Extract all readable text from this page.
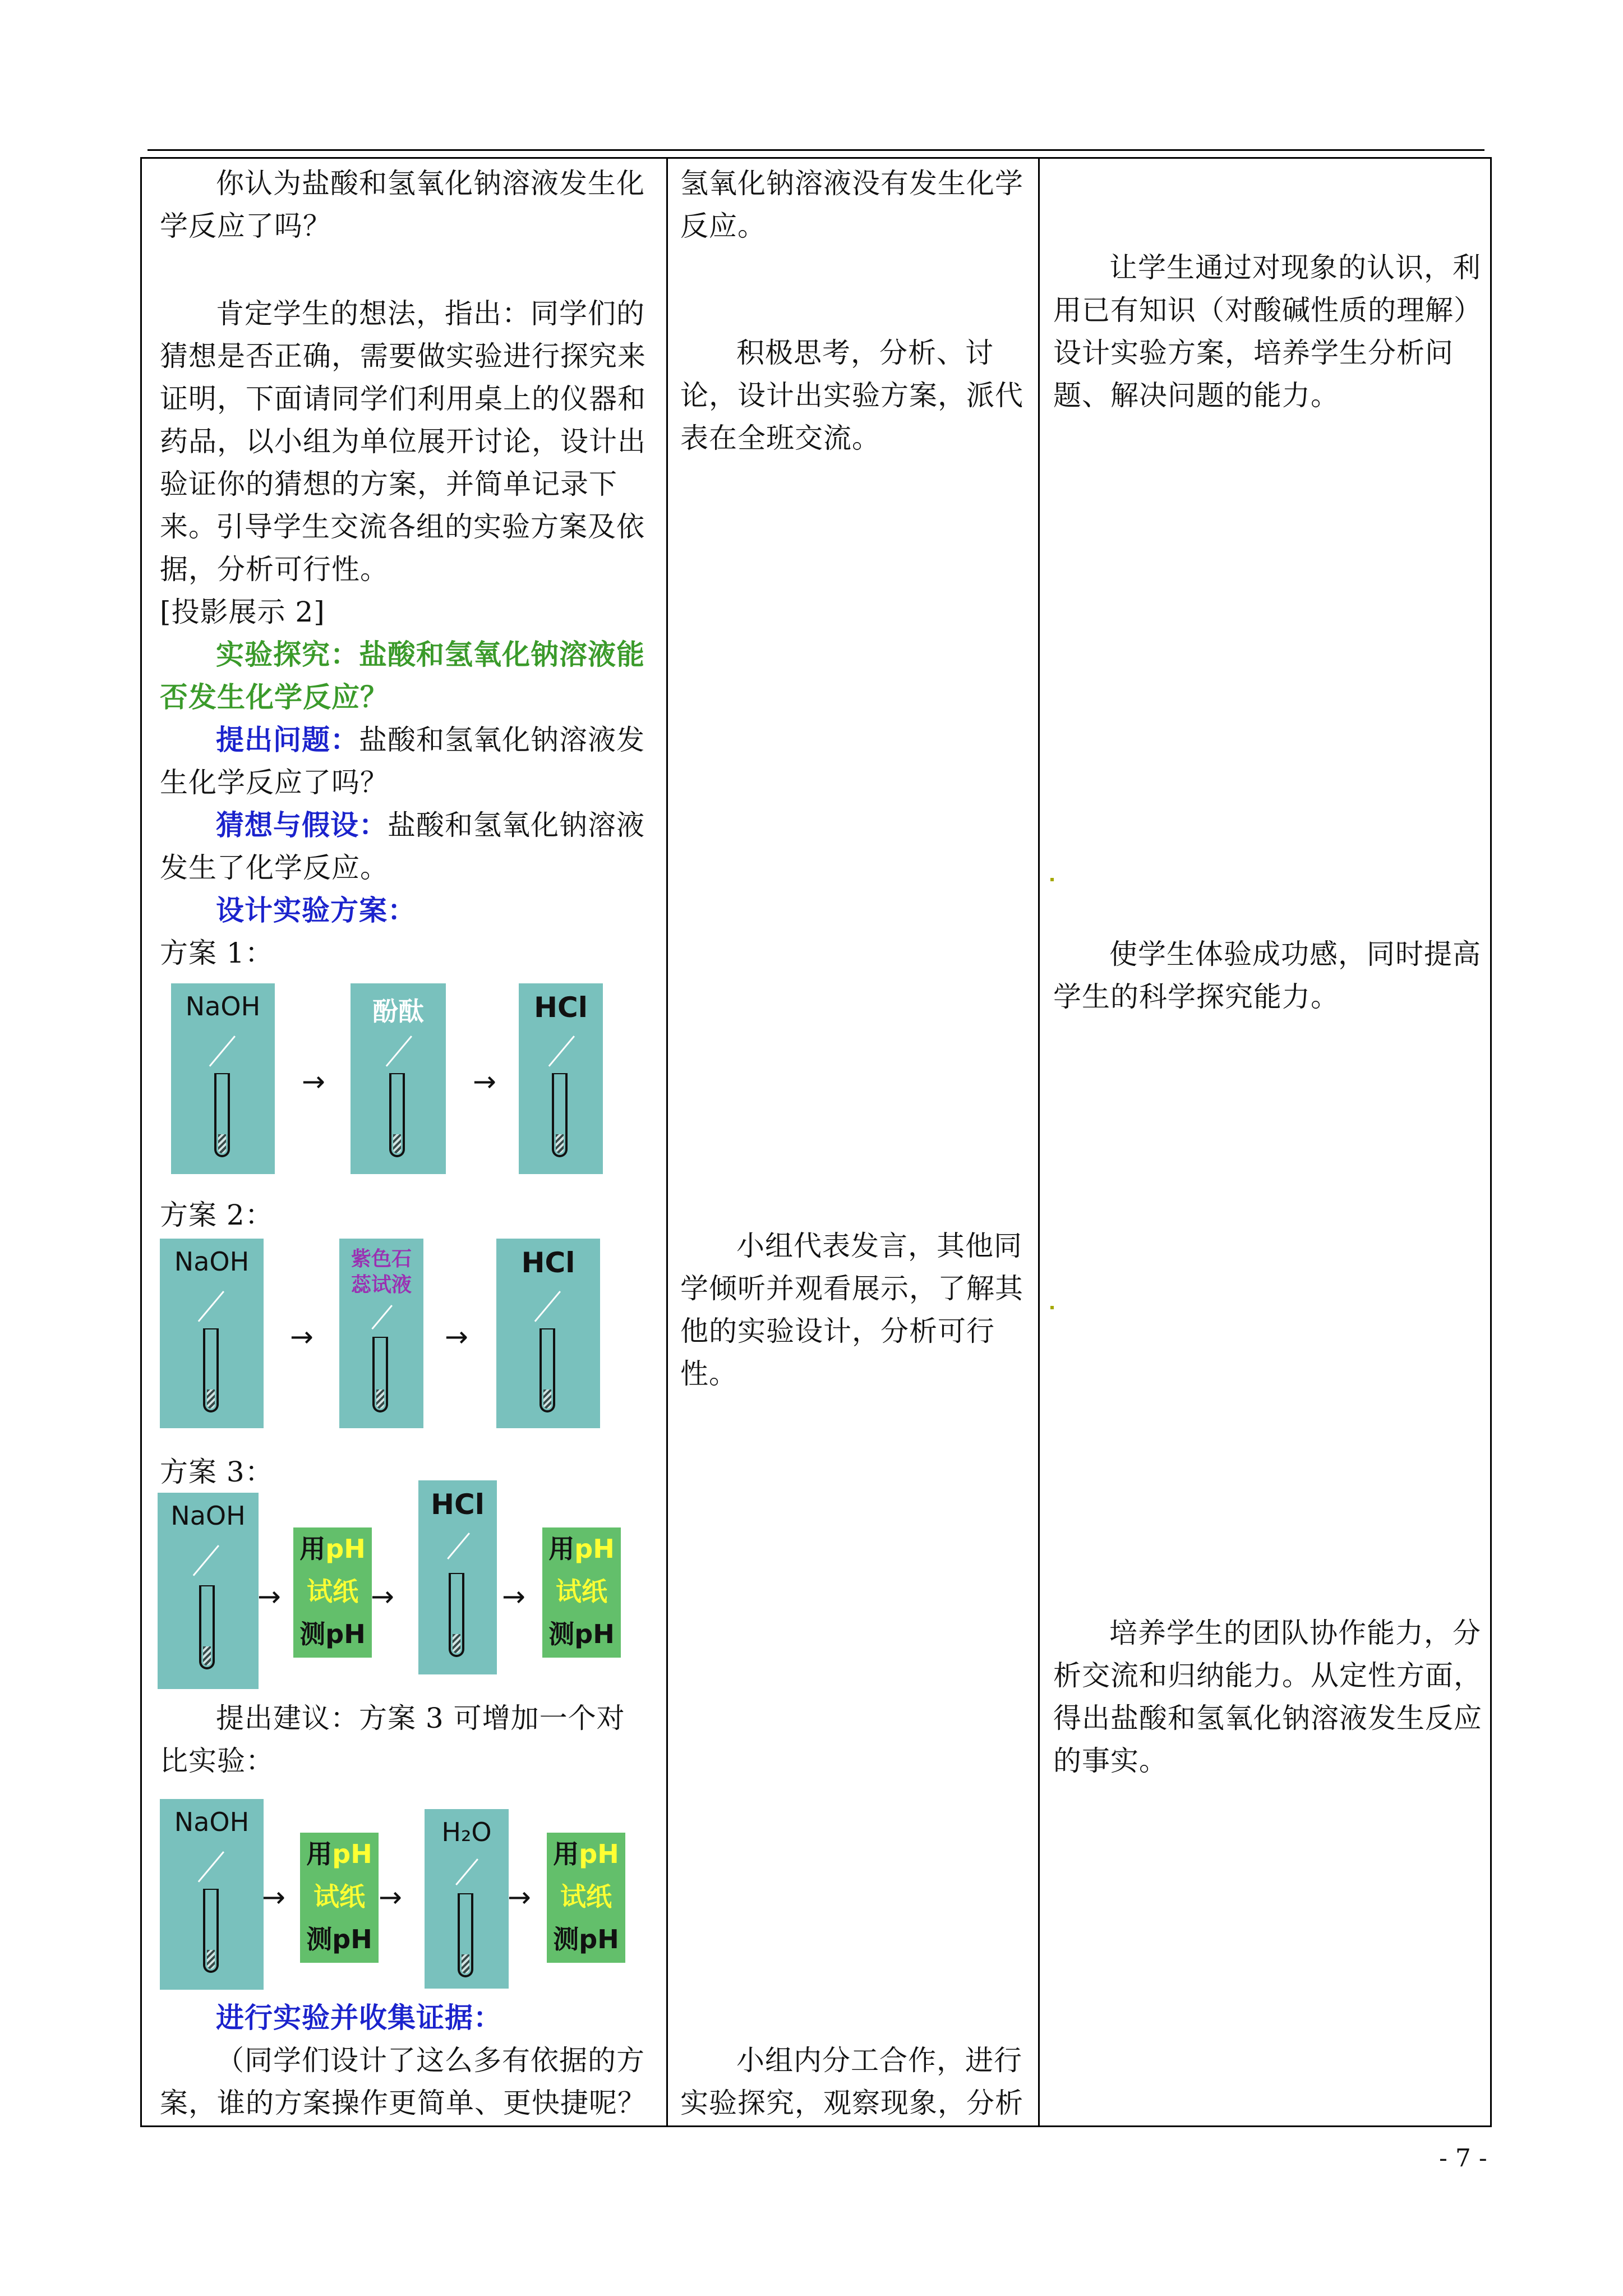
你认为盐酸和氢氧化钠溶液发生化学反应了吗？
肯定学生的想法，指出：同学们的猜想是否正确，需要做实验进行探究来证明，下面请同学们利用桌上的仪器和药品，以小组为单位展开讨论，设计出验证你的猜想的方案，并简单记录下来。
引导学生交流各组的实验方案及依据，分析可行性。
[投影展示 2]
实验探究：盐酸和氢氧化钠溶液能否发生化学反应？
提出问题：盐酸和氢氧化钠溶液发生化学反应了吗？
猜想与假设：盐酸和氢氧化钠溶液发生了化学反应。
设计实验方案：
方案 1：
方案 2：
方案 3：
提出建议：方案 3 可增加一个对比实验：
进行实验并收集证据：
（同学们设计了这么多有依据的方案，谁的方案操作更简单、更快捷呢？
氢氧化钠溶液没有发生化学反应。
积极思考，分析、讨论，设计出实验方案，派代表在全班交流。
小组代表发言，其他同学倾听并观看展示，了解其他的实验设计，分析可行性。
小组内分工合作，进行实验探究，观察现象，分析
让学生通过对现象的认识，利用已有知识（对酸碱性质的理解）设计实验方案，培养学生分析问题、解决问题的能力。
使学生体验成功感，同时提高学生的科学探究能力。
培养学生的团队协作能力，分析交流和归纳能力。从定性方面，得出盐酸和氢氧化钠溶液发生反应的事实。
NaOH
→
酚酞
→
HCl
NaOH
→
紫色石
蕊试液
→
HCl
NaOH
→
用pH
试纸
测pH
→
HCl
→
用pH
试纸
测pH
NaOH
→
用pH
试纸
测pH
→
H₂O
→
用pH
试纸
测pH
- 7 -
